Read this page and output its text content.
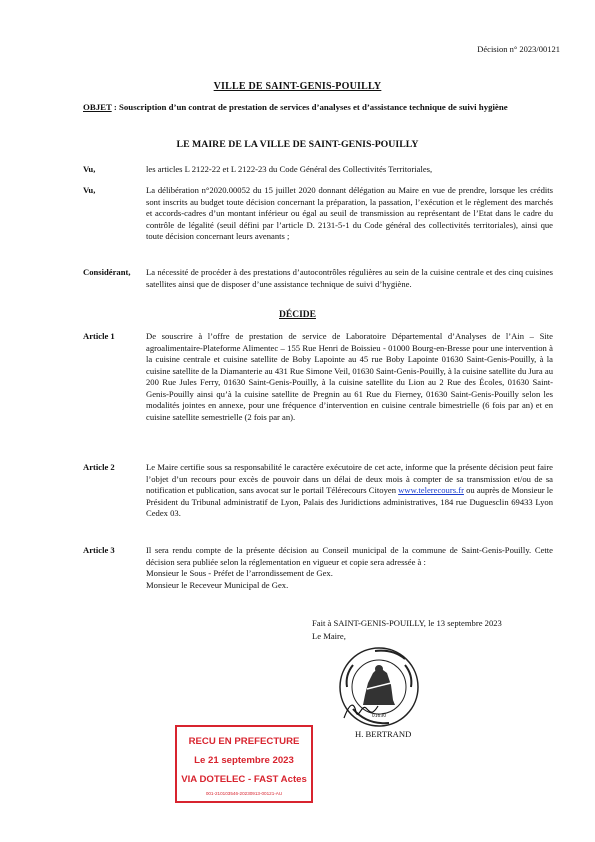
Décision n° 2023/00121
VILLE DE SAINT-GENIS-POUILLY
OBJET : Souscription d’un contrat de prestation de services d’analyses et d’assistance technique de suivi hygiène
LE MAIRE DE LA VILLE DE SAINT-GENIS-POUILLY
Vu,	les articles L 2122-22 et L 2122-23 du Code Général des Collectivités Territoriales,
Vu,	La délibération n°2020.00052 du 15 juillet 2020 donnant délégation au Maire en vue de prendre, lorsque les crédits sont inscrits au budget toute décision concernant la préparation, la passation, l’exécution et le règlement des marchés et accords-cadres d’un montant inférieur ou égal au seuil de transmission au représentant de l’Etat dans le cadre du contrôle de légalité (seuil défini par l’article D. 2131-5-1 du Code général des collectivités territoriales), ainsi que toute décision concernant leurs avenants ;
Considérant, La nécessité de procéder à des prestations d’autocontrôles régulières au sein de la cuisine centrale et des cinq cuisines satellites ainsi que de disposer d’une assistance technique de suivi d’hygiène.
DÉCIDE
Article 1	De souscrire à l’offre de prestation de service de Laboratoire Départemental d’Analyses de l’Ain – Site agroalimentaire-Plateforme Alimentec – 155 Rue Henri de Boissieu - 01000 Bourg-en-Bresse pour une intervention à la cuisine centrale et cuisine satellite de Boby Lapointe au 45 rue Boby Lapointe 01630 Saint-Genis-Pouilly, à la cuisine satellite de la Diamanterie au 431 Rue Simone Veil, 01630 Saint-Genis-Pouilly, à la cuisine satellite du Jura au 200 Rue Jules Ferry, 01630 Saint-Genis-Pouilly, à la cuisine satellite du Lion au 2 Rue des Écoles, 01630 Saint-Genis-Pouilly ainsi qu’à la cuisine satellite de Pregnin au 61 Rue du Fierney, 01630 Saint-Genis-Pouilly selon les modalités jointes en annexe, pour une fréquence d’intervention en cuisine centrale bimestrielle (6 fois par an) et en cuisine satellite semestrielle (2 fois par an).
Article 2	Le Maire certifie sous sa responsabilité le caractère exécutoire de cet acte, informe que la présente décision peut faire l’objet d’un recours pour excès de pouvoir dans un délai de deux mois à compter de sa transmission et/ou de sa notification et publication, sans avocat sur le portail Télérecours Citoyen www.telerecours.fr ou auprès de Monsieur le Président du Tribunal administratif de Lyon, Palais des Juridictions administratives, 184 rue Duguesclin 69433 Lyon Cedex 03.
Article 3	Il sera rendu compte de la présente décision au Conseil municipal de la commune de Saint-Genis-Pouilly. Cette décision sera publiée selon la réglementation en vigueur et copie sera adressée à :
Monsieur le Sous - Préfet de l’arrondissement de Gex.
Monsieur le Receveur Municipal de Gex.
Fait à SAINT-GENIS-POUILLY, le 13 septembre 2023
Le Maire,
01630
H. BERTRAND
RECU EN PREFECTURE
Le 21 septembre 2023
VIA DOTELEC - FAST Actes
001-210103546-20230913-00121-AU
